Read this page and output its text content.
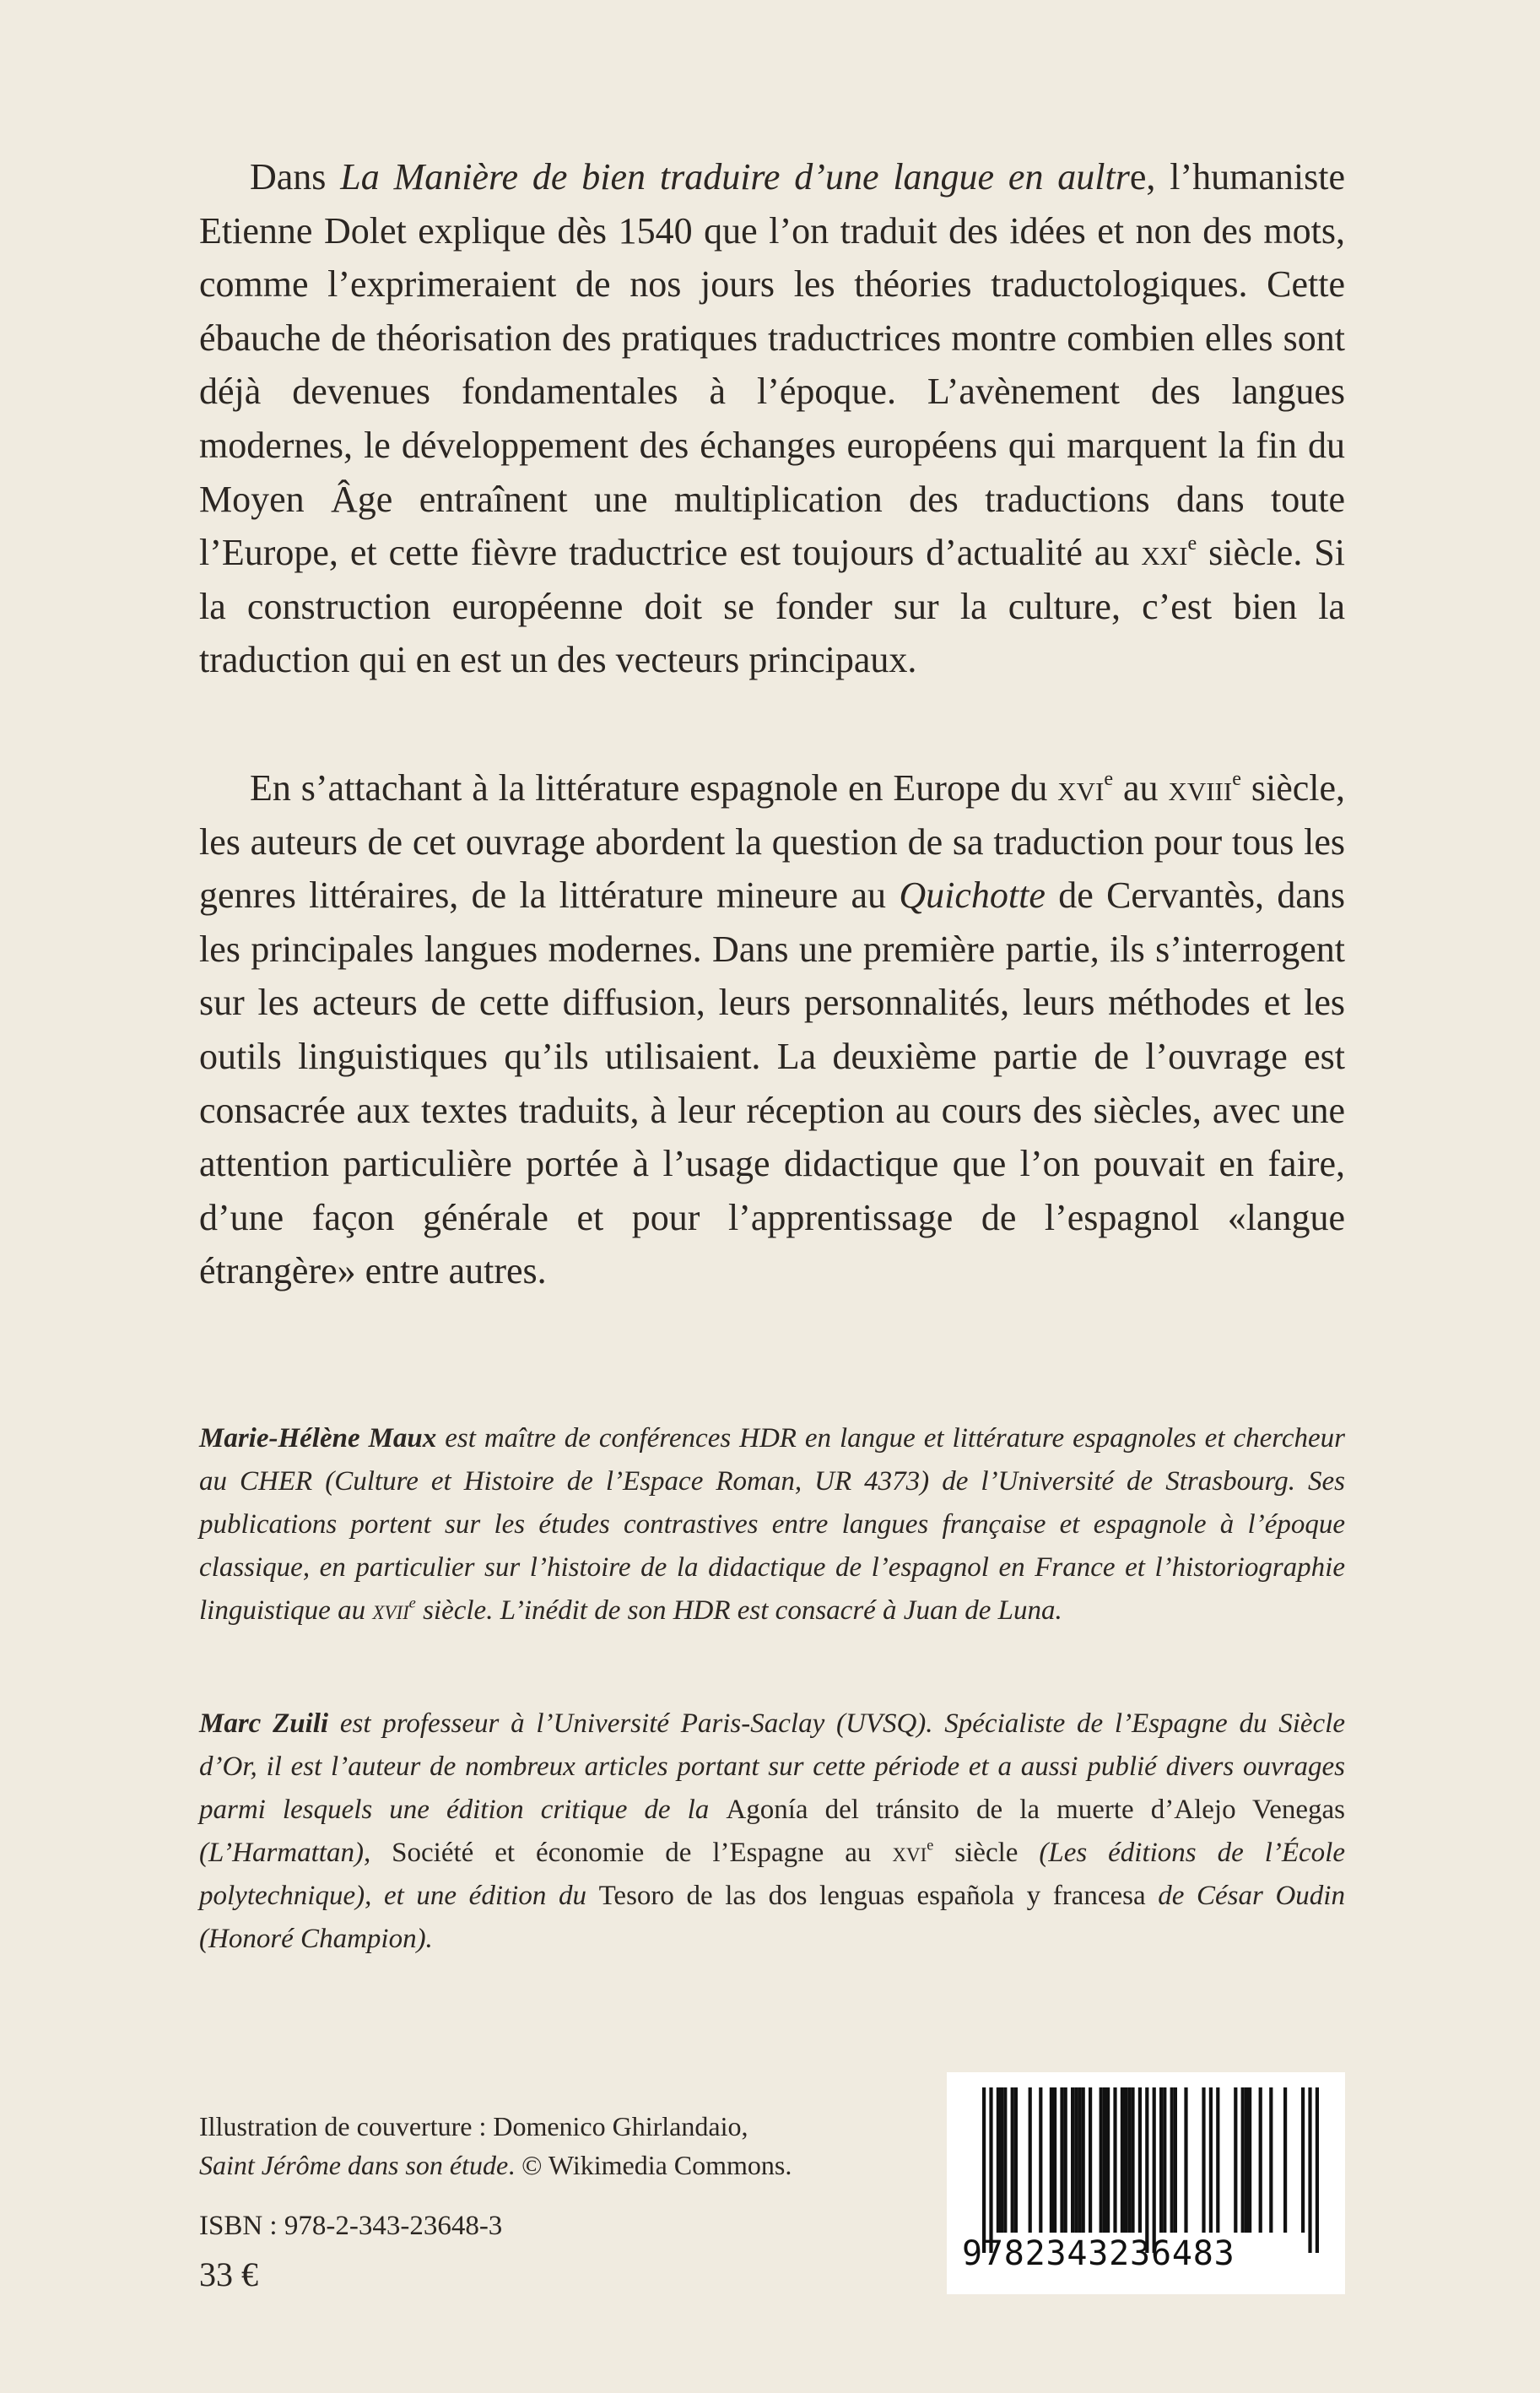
Dans La Manière de bien traduire d’une langue en aultre, l’humaniste Etienne Dolet explique dès 1540 que l’on traduit des idées et non des mots, comme l’exprimeraient de nos jours les théories traductologiques. Cette ébauche de théorisation des pratiques traductrices montre combien elles sont déjà devenues fondamentales à l’époque. L’avènement des langues modernes, le développement des échanges européens qui marquent la fin du Moyen Âge entraînent une multiplication des traductions dans toute l’Europe, et cette fièvre traductrice est toujours d’actualité au xxi$^e$ siècle. Si la construction européenne doit se fonder sur la culture, c’est bien la traduction qui en est un des vecteurs principaux.

En s’attachant à la littérature espagnole en Europe du xvi$^e$ au xviii$^e$ siècle, les auteurs de cet ouvrage abordent la question de sa traduction pour tous les genres littéraires, de la littérature mineure au Quichotte de Cervantès, dans les principales langues modernes. Dans une première partie, ils s’interrogent sur les acteurs de cette diffusion, leurs personnalités, leurs méthodes et les outils linguistiques qu’ils utilisaient. La deuxième partie de l’ouvrage est consacrée aux textes traduits, à leur réception au cours des siècles, avec une attention particulière portée à l’usage didactique que l’on pouvait en faire, d’une façon générale et pour l’apprentissage de l’espagnol «langue étrangère» entre autres.

Marie-Hélène Maux est maître de conférences HDR en langue et littérature espagnoles et chercheur au CHER (Culture et Histoire de l’Espace Roman, UR 4373) de l’Université de Strasbourg. Ses publications portent sur les études contrastives entre langues française et espagnole à l’époque classique, en particulier sur l’histoire de la didactique de l’espagnol en France et l’historiographie linguistique au xvii$^e$ siècle. L’inédit de son HDR est consacré à Juan de Luna.

Marc Zuili est professeur à l’Université Paris-Saclay (UVSQ). Spécialiste de l’Espagne du Siècle d’Or, il est l’auteur de nombreux articles portant sur cette période et a aussi publié divers ouvrages parmi lesquels une édition critique de la Agonía del tránsito de la muerte d’Alejo Venegas (L’Harmattan), Société et économie de l’Espagne au xvi$^e$ siècle (Les éditions de l’École polytechnique), et une édition du Tesoro de las dos lenguas española y francesa de César Oudin (Honoré Champion).

Illustration de couverture : Domenico Ghirlandaio,
Saint Jérôme dans son étude. © Wikimedia Commons.
ISBN : 978-2-343-23648-3
33 €
9782343236483
